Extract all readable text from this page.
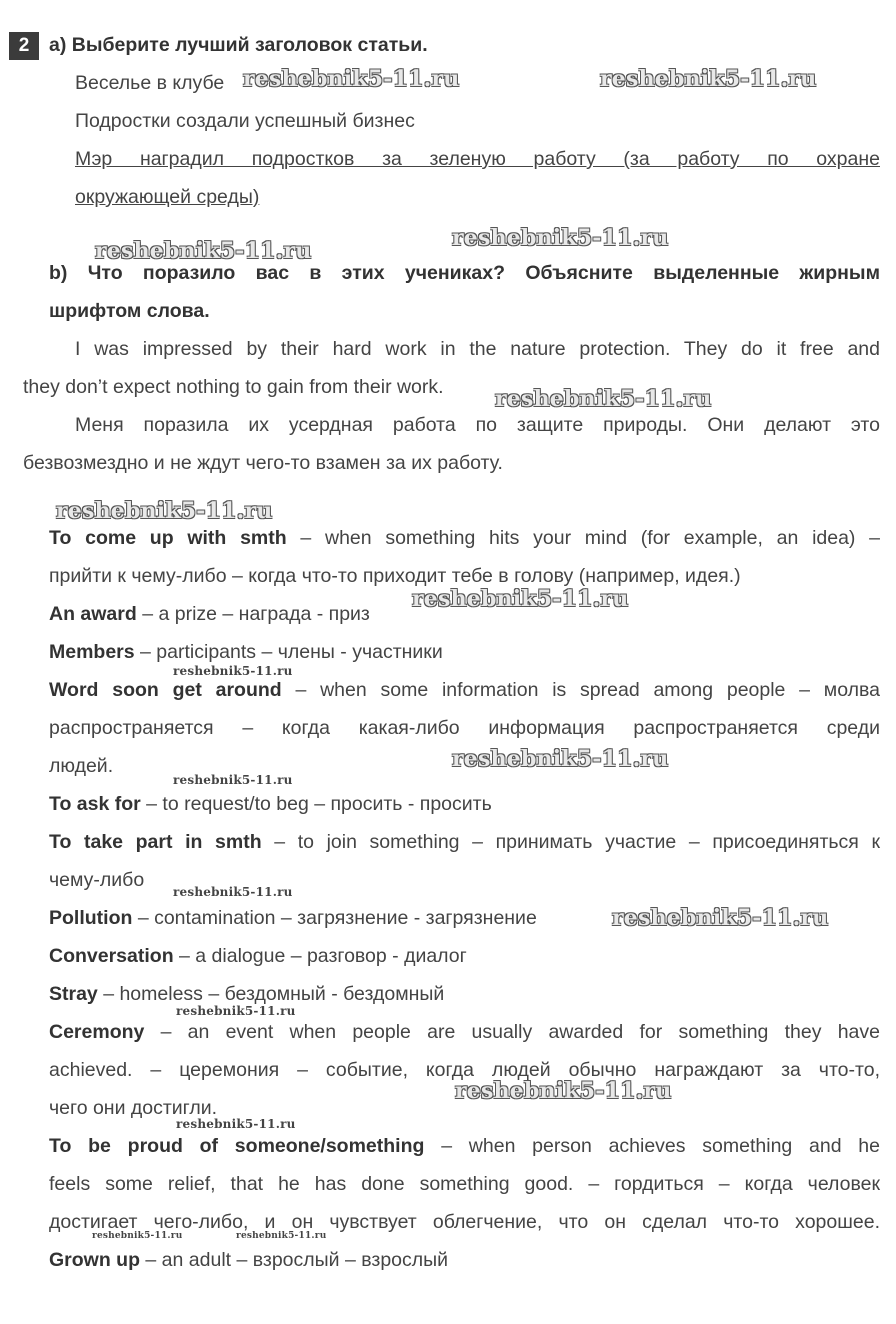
2	a) Выберите лучший заголовок статьи.
Веселье в клубе
Подростки создали успешный бизнес
Мэр наградил подростков за зеленую работу (за работу по охране
окружающей среды)
b) Что поразило вас в этих учениках? Объясните выделенные жирным
шрифтом слова.
I was impressed by their hard work in the nature protection. They do it free and
they don’t expect nothing to gain from their work.
Меня поразила их усердная работа по защите природы. Они делают это
безвозмездно и не ждут чего-то взамен за их работу.
To come up with smth – when something hits your mind (for example, an idea) –
прийти к чему-либо – когда что-то приходит тебе в голову (например, идея.)
An award – a prize – награда - приз
Members – participants – члены - участники
Word soon get around – when some information is spread among people – молва
распространяется – когда какая-либо информация распространяется среди
людей.
To ask for – to request/to beg – просить - просить
To take part in smth – to join something – принимать участие – присоединяться к
чему-либо
Pollution – contamination – загрязнение - загрязнение
Conversation – a dialogue – разговор - диалог
Stray – homeless – бездомный - бездомный
Ceremony – an event when people are usually awarded for something they have
achieved. – церемония – событие, когда людей обычно награждают за что-то,
чего они достигли.
To be proud of someone/something – when person achieves something and he
feels some relief, that he has done something good. – гордиться – когда человек
достигает чего-либо, и он чувствует облегчение, что он сделал что-то хорошее.
Grown up – an adult – взрослый – взрослый
reshebnik5-11.ru	reshebnik5-11.ru
reshebnik5-11.ru	reshebnik5-11.ru
reshebnik5-11.ru
reshebnik5-11.ru
reshebnik5-11.ru
reshebnik5-11.ru
reshebnik5-11.ru
reshebnik5-11.ru
reshebnik5-11.ru
reshebnik5-11.ru
reshebnik5-11.ru
reshebnik5-11.ru
reshebnik5-11.ru
reshebnik5-11.ru	reshebnik5-11.ru
